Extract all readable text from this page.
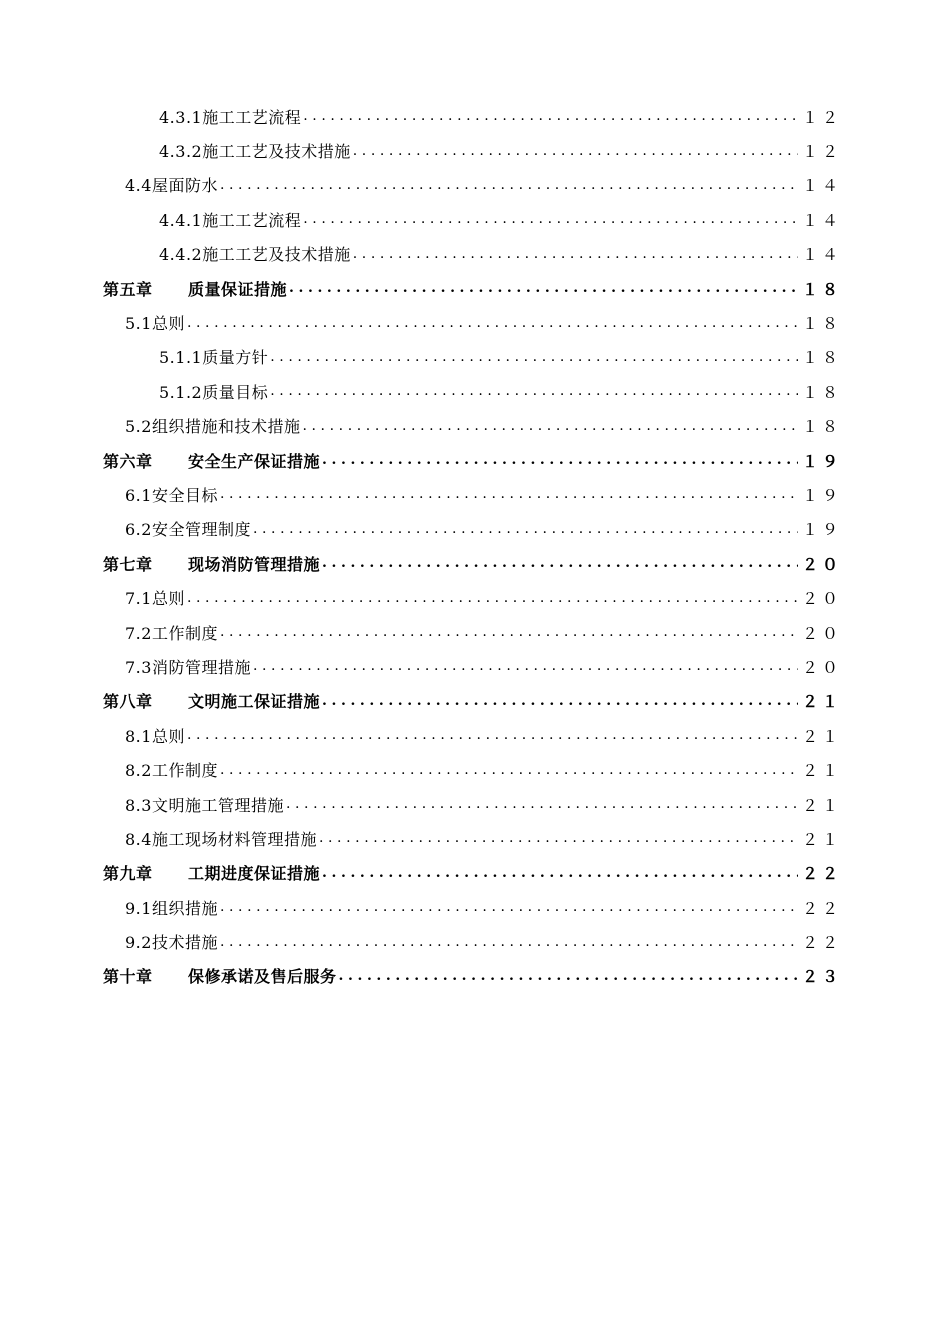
4.3.1施工工艺流程 .....	１２
4.3.2施工工艺及技术措施 .....	１２
4.4屋面防水 .....	１４
4.4.1施工工艺流程 .....	１４
4.4.2施工工艺及技术措施 .....	１４
第五章 质量保证措施 .....	１８
5.1总则 .....	１８
5.1.1质量方针 .....	１８
5.1.2质量目标 .....	１８
5.2组织措施和技术措施 .....	１８
第六章 安全生产保证措施 .....	１９
6.1安全目标 .....	１９
6.2安全管理制度 .....	１９
第七章 现场消防管理措施 .....	２０
7.1总则 .....	２０
7.2工作制度 .....	２０
7.3消防管理措施 .....	２０
第八章 文明施工保证措施 .....	２１
8.1总则 .....	２１
8.2工作制度 .....	２１
8.3文明施工管理措施 .....	２１
8.4施工现场材料管理措施 .....	２１
第九章 工期进度保证措施 .....	２２
9.1组织措施 .....	２２
9.2技术措施 .....	２２
第十章 保修承诺及售后服务 .....	２３
